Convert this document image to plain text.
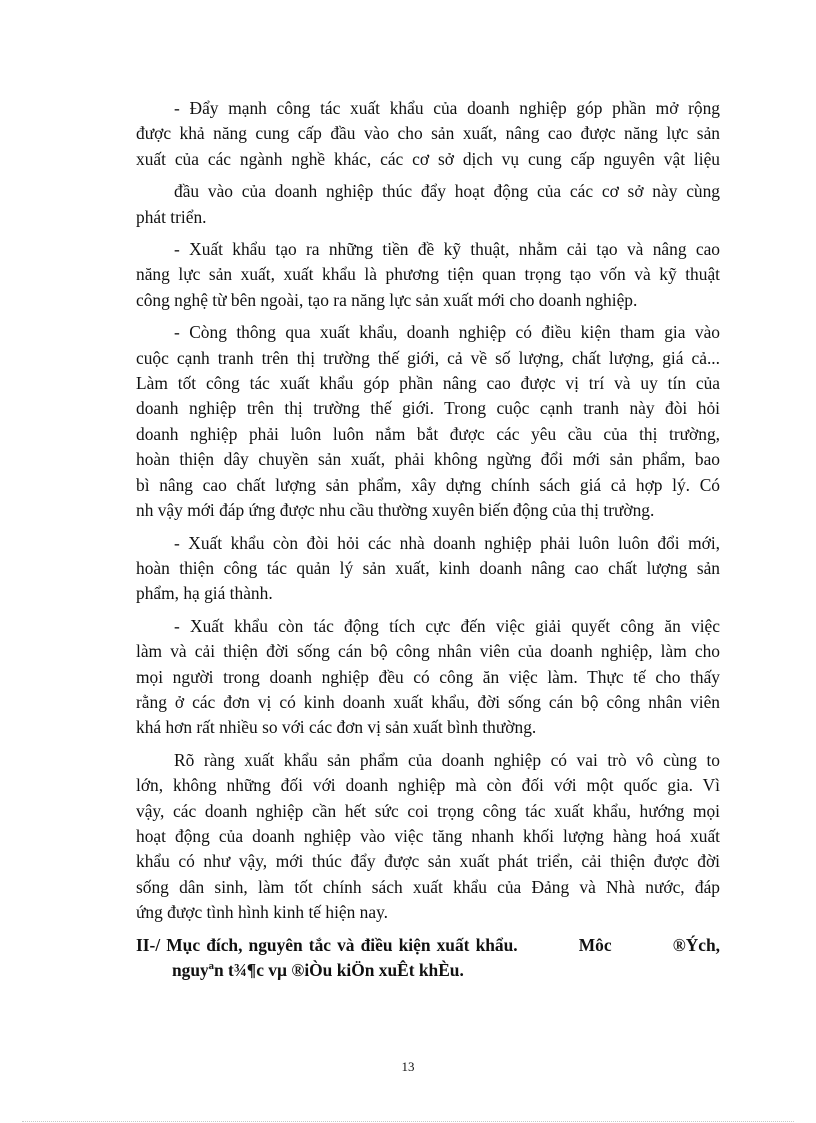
- Đẩy mạnh công tác xuất khẩu của doanh nghiệp góp phần mở rộng
được khả năng cung cấp đầu vào cho sản xuất, nâng cao được năng lực sản
xuất của các ngành nghề khác, các cơ sở dịch vụ cung cấp nguyên vật liệu

đầu vào của doanh nghiệp thúc đẩy hoạt động của các cơ sở này cùng
phát triển.

- Xuất khẩu tạo ra những tiền đề kỹ thuật, nhằm cải tạo và nâng cao
năng lực sản xuất, xuất khẩu là phương tiện quan trọng tạo vốn và kỹ thuật
công nghệ từ bên ngoài, tạo ra năng lực sản xuất mới cho doanh nghiệp.

- Còng thông qua xuất khẩu, doanh nghiệp có điều kiện tham gia vào
cuộc cạnh tranh trên thị trường thế giới, cả về số lượng, chất lượng, giá cả...
Làm tốt công tác xuất khẩu góp phần nâng cao được vị trí và uy tín của
doanh nghiệp trên thị trường thế giới. Trong cuộc cạnh tranh này đòi hỏi
doanh nghiệp phải luôn luôn nắm bắt được các yêu cầu của thị trường,
hoàn thiện dây chuyền sản xuất, phải không ngừng đổi mới sản phẩm, bao
bì nâng cao chất lượng sản phẩm, xây dựng chính sách giá cả hợp lý. Có
nh vậy mới đáp ứng được nhu cầu thường xuyên biến động của thị trường.

- Xuất khẩu còn đòi hỏi các nhà doanh nghiệp phải luôn luôn đổi mới,
hoàn thiện công tác quản lý sản xuất, kinh doanh nâng cao chất lượng sản
phẩm, hạ giá thành.

- Xuất khẩu còn tác động tích cực đến việc giải quyết công ăn việc
làm và cải thiện đời sống cán bộ công nhân viên của doanh nghiệp, làm cho
mọi người trong doanh nghiệp đều có công ăn việc làm. Thực tế cho thấy
rằng ở các đơn vị có kinh doanh xuất khẩu, đời sống cán bộ công nhân viên
khá hơn rất nhiều so với các đơn vị sản xuất bình thường.

Rõ ràng xuất khẩu sản phẩm của doanh nghiệp có vai trò vô cùng to
lớn, không những đối với doanh nghiệp mà còn đối với một quốc gia. Vì
vậy, các doanh nghiệp cần hết sức coi trọng công tác xuất khẩu, hướng mọi
hoạt động của doanh nghiệp vào việc tăng nhanh khối lượng hàng hoá xuất
khẩu có như vậy, mới thúc đẩy được sản xuất phát triển, cải thiện được đời
sống dân sinh, làm tốt chính sách xuất khẩu của Đảng và Nhà nước, đáp
ứng được tình hình kinh tế hiện nay.

II-/ Mục đích, nguyên tắc và điều kiện xuất khẩu.          Môc          ®Ých,
nguyªn t¾¶c vµ ®iÒu kiÖn xuÊt khÈu.

13
